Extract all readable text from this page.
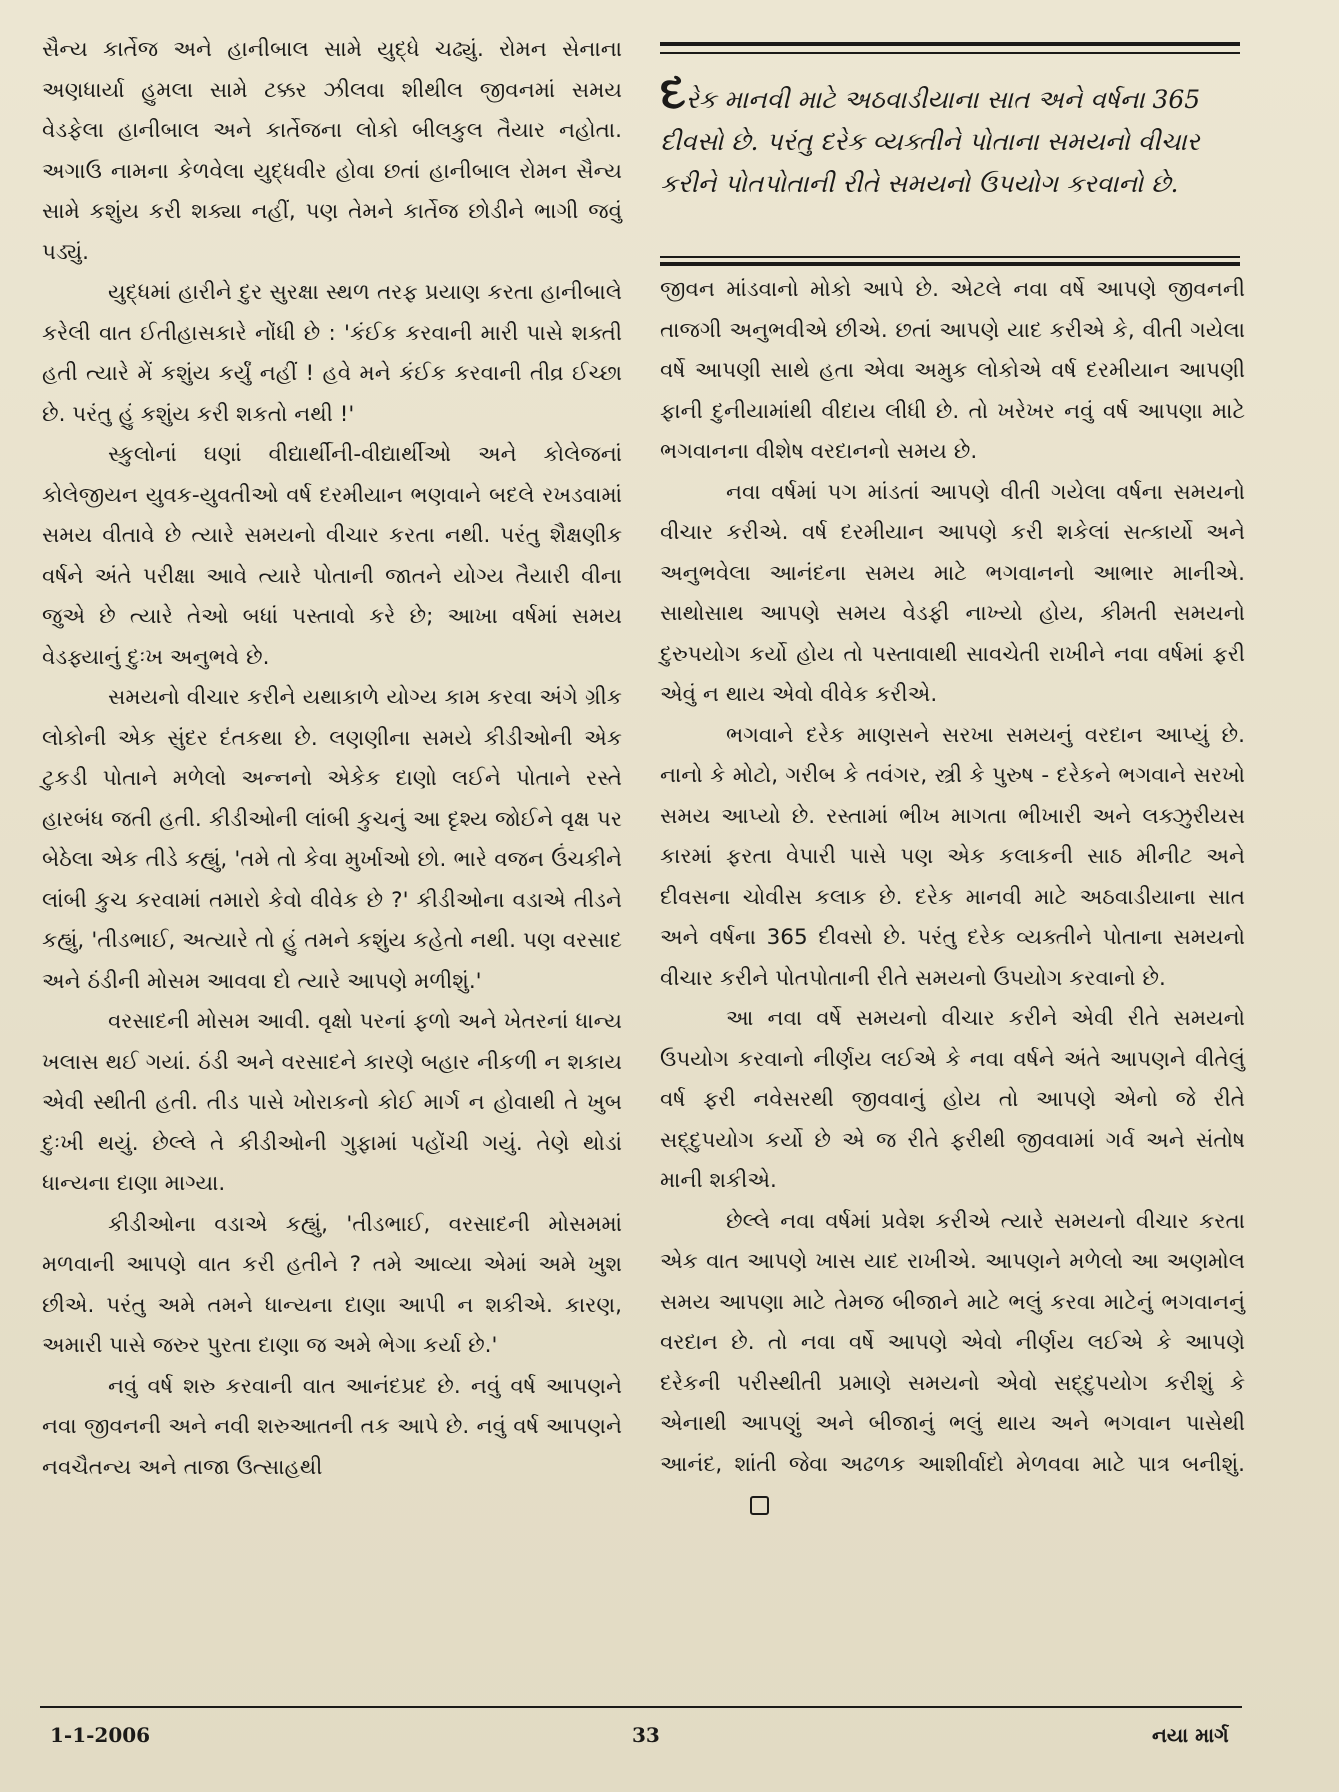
સૈન્ય કાર્તેજ અને હાનીબાલ સામે યુદ્ધે ચઢ્યું. રોમન સેનાના અણધાર્યા હુમલા સામે ટક્કર ઝીલવા શીથીલ જીવનમાં સમય વેડફેલા હાનીબાલ અને કાર્તેજના લોકો બીલકુલ તૈયાર નહોતા. અગાઉ નામના કેળવેલા યુદ્ધવીર હોવા છતાં હાનીબાલ રોમન સૈન્ય સામે કશુંય કરી શક્યા નહીં, પણ તેમને કાર્તેજ છોડીને ભાગી જવું પડ્યું.

યુદ્ધમાં હારીને દુર સુરક્ષા સ્થળ તરફ પ્રયાણ કરતા હાનીબાલે કરેલી વાત ઈતીહાસકારે નોંધી છે : 'કંઈક કરવાની મારી પાસે શક્તી હતી ત્યારે મેં કશુંય કર્યું નહીં ! હવે મને કંઈક કરવાની તીવ્ર ઈચ્છા છે. પરંતુ હું કશુંય કરી શકતો નથી !'

સ્કુલોનાં ઘણાં વીદ્યાર્થીની-વીદ્યાર્થીઓ અને કોલેજનાં કોલેજીયન યુવક-યુવતીઓ વર્ષ દરમીયાન ભણવાને બદલે રખડવામાં સમય વીતાવે છે ત્યારે સમયનો વીચાર કરતા નથી. પરંતુ શૈક્ષણીક વર્ષને અંતે પરીક્ષા આવે ત્યારે પોતાની જાતને યોગ્ય તૈયારી વીના જુએ છે ત્યારે તેઓ બધાં પસ્તાવો કરે છે; આખા વર્ષમાં સમય વેડફ્યાનું દુઃખ અનુભવે છે.

સમયનો વીચાર કરીને યથાકાળે યોગ્ય કામ કરવા અંગે ગ્રીક લોકોની એક સુંદર દંતકથા છે. લણણીના સમયે કીડીઓની એક ટુકડી પોતાને મળેલો અન્નનો એકેક દાણો લઈને પોતાને રસ્તે હારબંધ જતી હતી. કીડીઓની લાંબી કુચનું આ દૃશ્ય જોઈને વૃક્ષ પર બેઠેલા એક તીડે કહ્યું, 'તમે તો કેવા મુર્ખાઓ છો. ભારે વજન ઉંચકીને લાંબી કુચ કરવામાં તમારો કેવો વીવેક છે ?' કીડીઓના વડાએ તીડને કહ્યું, 'તીડભાઈ, અત્યારે તો હું તમને કશુંય કહેતો નથી. પણ વરસાદ અને ઠંડીની મોસમ આવવા દો ત્યારે આપણે મળીશું.'

વરસાદની મોસમ આવી. વૃક્ષો પરનાં ફળો અને ખેતરનાં ધાન્ય ખલાસ થઈ ગયાં. ઠંડી અને વરસાદને કારણે બહાર નીકળી ન શકાય એવી સ્થીતી હતી. તીડ પાસે ખોરાકનો કોઈ માર્ગ ન હોવાથી તે ખુબ દુઃખી થયું. છેલ્લે તે કીડીઓની ગુફામાં પહોંચી ગયું. તેણે થોડાં ધાન્યના દાણા માગ્યા.

કીડીઓના વડાએ કહ્યું, 'તીડભાઈ, વરસાદની મોસમમાં મળવાની આપણે વાત કરી હતીને ? તમે આવ્યા એમાં અમે ખુશ છીએ. પરંતુ અમે તમને ધાન્યના દાણા આપી ન શકીએ. કારણ, અમારી પાસે જરુર પુરતા દાણા જ અમે ભેગા કર્યા છે.'

નવું વર્ષ શરુ કરવાની વાત આનંદપ્રદ છે. નવું વર્ષ આપણને નવા જીવનની અને નવી શરુઆતની તક આપે છે. નવું વર્ષ આપણને નવચૈતન્ય અને તાજા ઉત્સાહથી

દરેક માનવી માટે અઠવાડીયાના સાત અને વર્ષના 365 દીવસો છે. પરંતુ દરેક વ્યક્તીને પોતાના સમયનો વીચાર કરીને પોતપોતાની રીતે સમયનો ઉપયોગ કરવાનો છે.

જીવન માંડવાનો મોકો આપે છે. એટલે નવા વર્ષે આપણે જીવનની તાજગી અનુભવીએ છીએ. છતાં આપણે યાદ કરીએ કે, વીતી ગયેલા વર્ષે આપણી સાથે હતા એવા અમુક લોકોએ વર્ષ દરમીયાન આપણી ફાની દુનીયામાંથી વીદાય લીધી છે. તો ખરેખર નવું વર્ષ આપણા માટે ભગવાનના વીશેષ વરદાનનો સમય છે.

નવા વર્ષમાં પગ માંડતાં આપણે વીતી ગયેલા વર્ષના સમયનો વીચાર કરીએ. વર્ષ દરમીયાન આપણે કરી શકેલાં સત્કાર્યો અને અનુભવેલા આનંદના સમય માટે ભગવાનનો આભાર માનીએ. સાથોસાથ આપણે સમય વેડફી નાખ્યો હોય, કીમતી સમયનો દુરુપયોગ કર્યો હોય તો પસ્તાવાથી સાવચેતી રાખીને નવા વર્ષમાં ફરી એવું ન થાય એવો વીવેક કરીએ.

ભગવાને દરેક માણસને સરખા સમયનું વરદાન આપ્યું છે. નાનો કે મોટો, ગરીબ કે તવંગર, સ્ત્રી કે પુરુષ - દરેકને ભગવાને સરખો સમય આપ્યો છે. રસ્તામાં ભીખ માગતા ભીખારી અને લક્ઝુરીયસ કારમાં ફરતા વેપારી પાસે પણ એક કલાકની સાઠ મીનીટ અને દીવસના ચોવીસ કલાક છે. દરેક માનવી માટે અઠવાડીયાના સાત અને વર્ષના 365 દીવસો છે. પરંતુ દરેક વ્યક્તીને પોતાના સમયનો વીચાર કરીને પોતપોતાની રીતે સમયનો ઉપયોગ કરવાનો છે.

આ નવા વર્ષે સમયનો વીચાર કરીને એવી રીતે સમયનો ઉપયોગ કરવાનો નીર્ણય લઈએ કે નવા વર્ષને અંતે આપણને વીતેલું વર્ષ ફરી નવેસરથી જીવવાનું હોય તો આપણે એનો જે રીતે સદ્દુપયોગ કર્યો છે એ જ રીતે ફરીથી જીવવામાં ગર્વ અને સંતોષ માની શકીએ.

છેલ્લે નવા વર્ષમાં પ્રવેશ કરીએ ત્યારે સમયનો વીચાર કરતા એક વાત આપણે ખાસ યાદ રાખીએ. આપણને મળેલો આ અણમોલ સમય આપણા માટે તેમજ બીજાને માટે ભલું કરવા માટેનું ભગવાનનું વરદાન છે. તો નવા વર્ષે આપણે એવો નીર્ણય લઈએ કે આપણે દરેકની પરીસ્થીતી પ્રમાણે સમયનો એવો સદ્દુપયોગ કરીશું કે એનાથી આપણું અને બીજાનું ભલું થાય અને ભગવાન પાસેથી આનંદ, શાંતી જેવા અઢળક આશીર્વાદો મેળવવા માટે પાત્ર બનીશું.

1-1-2006	33	નયા માર્ગ
